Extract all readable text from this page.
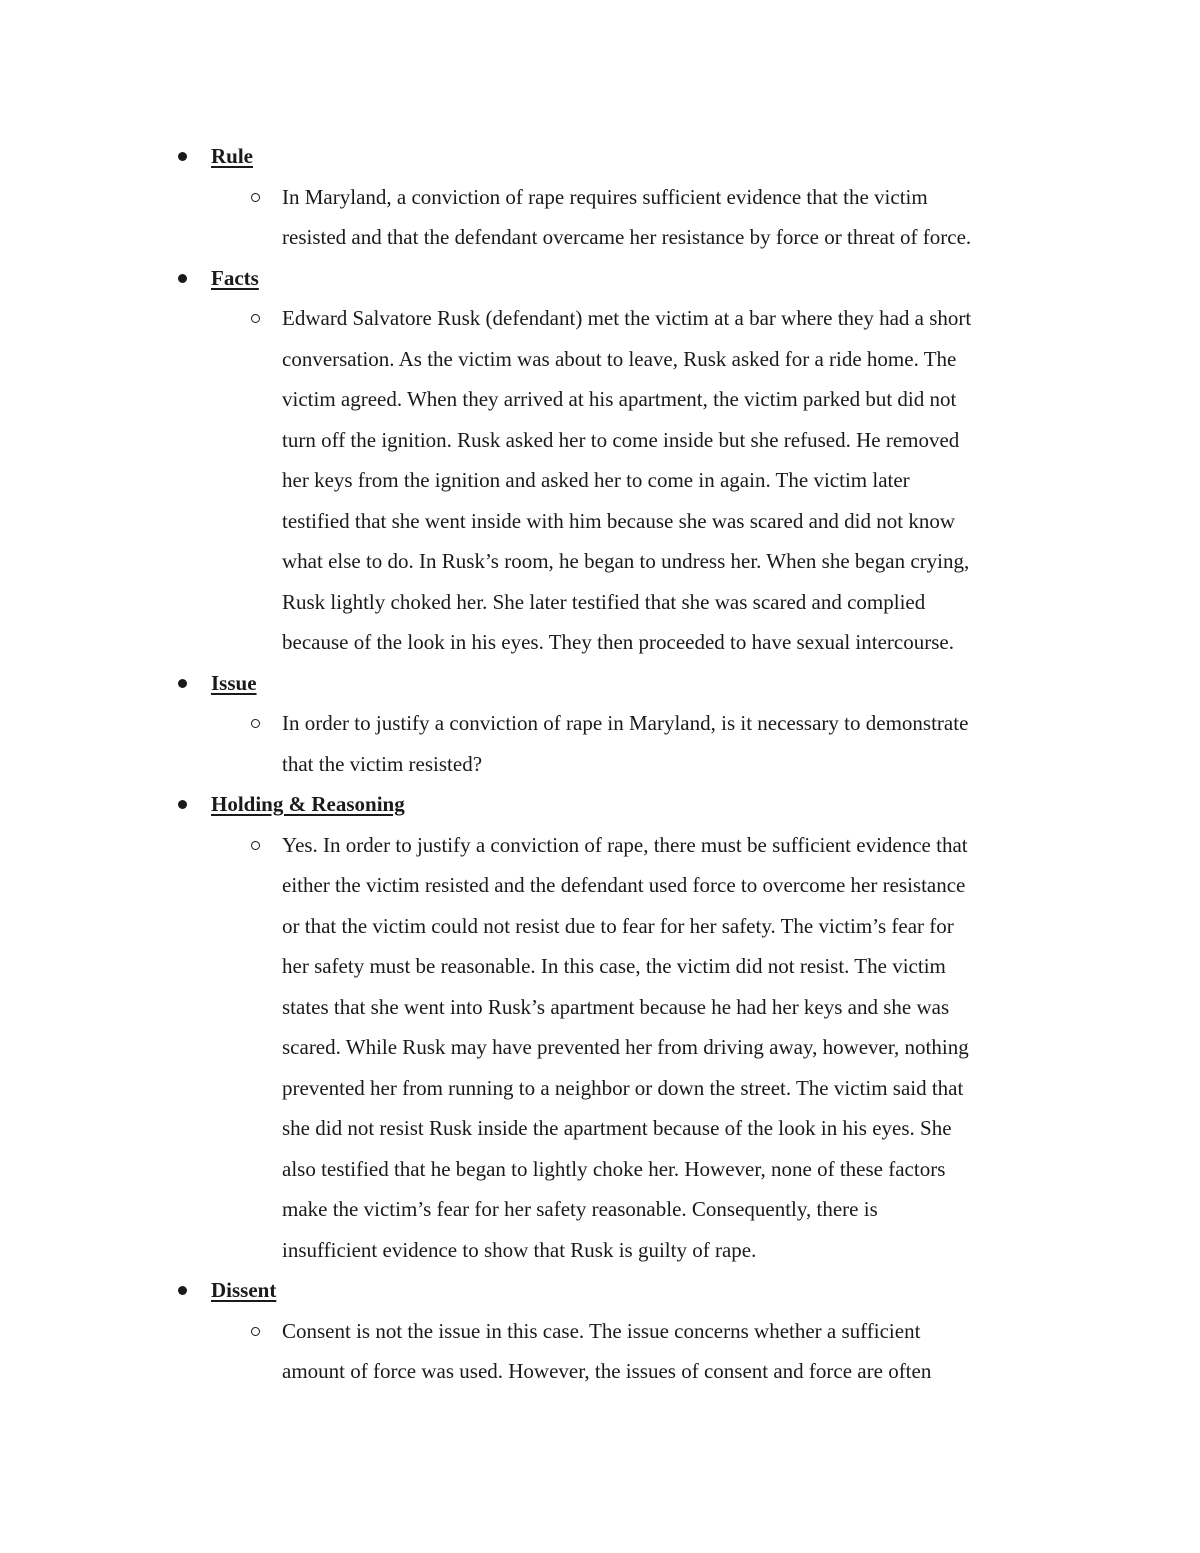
Rule
In Maryland, a conviction of rape requires sufficient evidence that the victim
resisted and that the defendant overcame her resistance by force or threat of force.
Facts
Edward Salvatore Rusk (defendant) met the victim at a bar where they had a short
conversation. As the victim was about to leave, Rusk asked for a ride home. The
victim agreed. When they arrived at his apartment, the victim parked but did not
turn off the ignition. Rusk asked her to come inside but she refused. He removed
her keys from the ignition and asked her to come in again. The victim later
testified that she went inside with him because she was scared and did not know
what else to do. In Rusk’s room, he began to undress her. When she began crying,
Rusk lightly choked her. She later testified that she was scared and complied
because of the look in his eyes. They then proceeded to have sexual intercourse.
Issue
In order to justify a conviction of rape in Maryland, is it necessary to demonstrate
that the victim resisted?
Holding & Reasoning
Yes. In order to justify a conviction of rape, there must be sufficient evidence that
either the victim resisted and the defendant used force to overcome her resistance
or that the victim could not resist due to fear for her safety. The victim’s fear for
her safety must be reasonable. In this case, the victim did not resist. The victim
states that she went into Rusk’s apartment because he had her keys and she was
scared. While Rusk may have prevented her from driving away, however, nothing
prevented her from running to a neighbor or down the street. The victim said that
she did not resist Rusk inside the apartment because of the look in his eyes. She
also testified that he began to lightly choke her. However, none of these factors
make the victim’s fear for her safety reasonable. Consequently, there is
insufficient evidence to show that Rusk is guilty of rape.
Dissent
Consent is not the issue in this case. The issue concerns whether a sufficient
amount of force was used. However, the issues of consent and force are often
